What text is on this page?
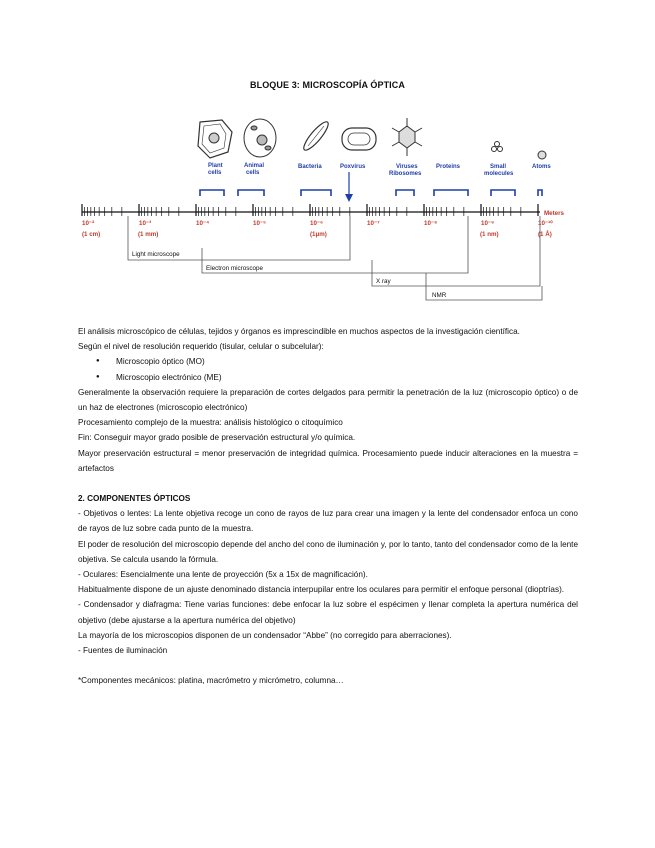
BLOQUE 3: MICROSCOPÍA ÓPTICA
Plant
cells
Animal
cells
Bacteria	Poxvirus	Viruses
Ribosomes
Proteins	Small
molecules
Atoms
10⁻²	10⁻³	10⁻⁴	10⁻⁵	10⁻⁶	10⁻⁷	10⁻⁸	10⁻⁹	10⁻¹⁰
Meters
(1 cm)	(1 mm)	(1μm)	(1 nm)	(1 Å)
Light microscope
Electron microscope
X ray
NMR

El análisis microscópico de células, tejidos y órganos es imprescindible en muchos aspectos de la investigación científica.

Según el nivel de resolución requerido (tisular, celular o subcelular):

● Microscopio óptico (MO)
● Microscopio electrónico (ME)

Generalmente la observación requiere la preparación de cortes delgados para permitir la penetración de la luz (microscopio óptico) o de un haz de electrones (microscopio electrónico)

Procesamiento complejo de la muestra: análisis histológico o citoquímico

Fin: Conseguir mayor grado posible de preservación estructural y/o química.

Mayor preservación estructural = menor preservación de integridad química. Procesamiento puede inducir alteraciones en la muestra = artefactos

2. COMPONENTES ÓPTICOS

- Objetivos o lentes: La lente objetiva recoge un cono de rayos de luz para crear una imagen y la lente del condensador enfoca un cono de rayos de luz sobre cada punto de la muestra.

El poder de resolución del microscopio depende del ancho del cono de iluminación y, por lo tanto, tanto del condensador como de la lente objetiva. Se calcula usando la fórmula.

- Oculares: Esencialmente una lente de proyección (5x a 15x de magnificación).

Habitualmente dispone de un ajuste denominado distancia interpupilar entre los oculares para permitir el enfoque personal (dioptrías).

- Condensador y diafragma: Tiene varias funciones: debe enfocar la luz sobre el espécimen y llenar completa la apertura numérica del objetivo (debe ajustarse a la apertura numérica del objetivo)

La mayoría de los microscopios disponen de un condensador “Abbe” (no corregido para aberraciones).

- Fuentes de iluminación

*Componentes mecánicos: platina, macrómetro y micrómetro, columna…
